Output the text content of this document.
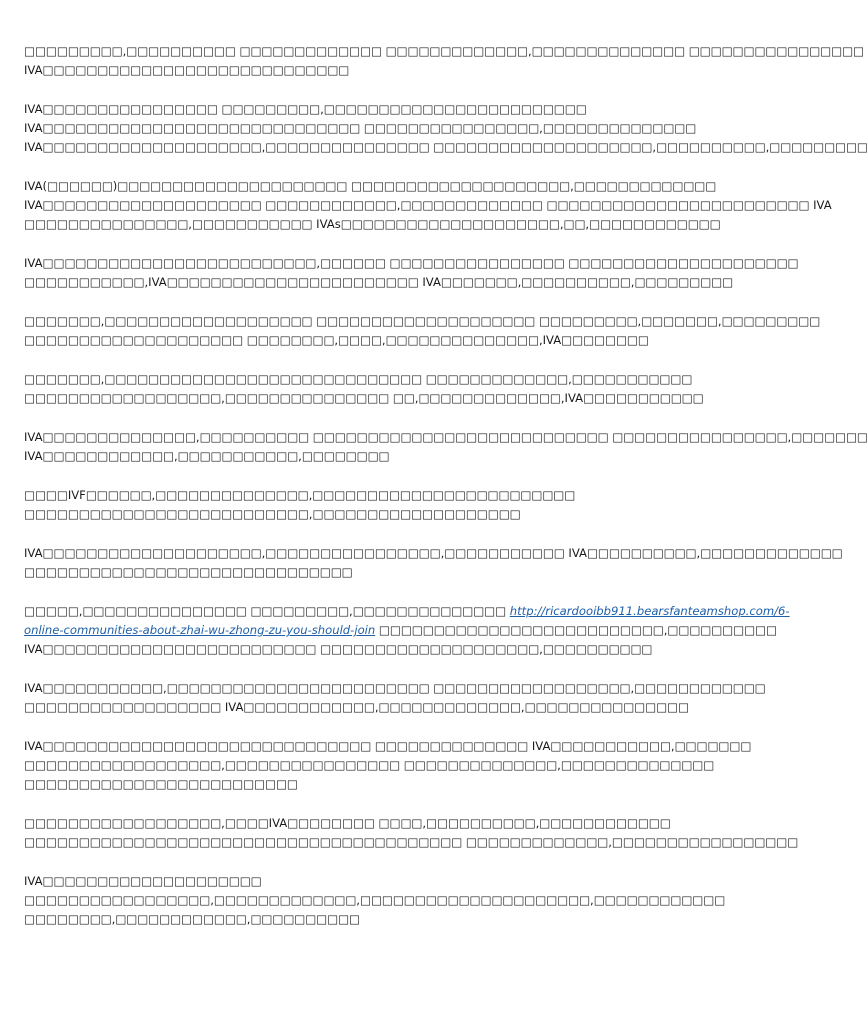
□□□□□□□□□,□□□□□□□□□□ □□□□□□□□□□□□□ □□□□□□□□□□□□□,□□□□□□□□□□□□□□ □□□□□□□□□□□□□□□□
IVA□□□□□□□□□□□□□□□□□□□□□□□□□□□□
IVA□□□□□□□□□□□□□□□□ □□□□□□□□□,□□□□□□□□□□□□□□□□□□□□□□□□
IVA□□□□□□□□□□□□□□□□□□□□□□□□□□□□□ □□□□□□□□□□□□□□□□,□□□□□□□□□□□□□□
IVA□□□□□□□□□□□□□□□□□□□□,□□□□□□□□□□□□□□□ □□□□□□□□□□□□□□□□□□□□,□□□□□□□□□□,□□□□□□□□□
IVA(□□□□□□)□□□□□□□□□□□□□□□□□□□□□ □□□□□□□□□□□□□□□□□□□□,□□□□□□□□□□□□□
IVA□□□□□□□□□□□□□□□□□□□□ □□□□□□□□□□□□,□□□□□□□□□□□□□ □□□□□□□□□□□□□□□□□□□□□□□□ IVA
□□□□□□□□□□□□□□□,□□□□□□□□□□□ IVAs□□□□□□□□□□□□□□□□□□□□,□□,□□□□□□□□□□□□
IVA□□□□□□□□□□□□□□□□□□□□□□□□□,□□□□□□ □□□□□□□□□□□□□□□□ □□□□□□□□□□□□□□□□□□□□□
□□□□□□□□□□□,IVA□□□□□□□□□□□□□□□□□□□□□□□ IVA□□□□□□□,□□□□□□□□□□,□□□□□□□□□
□□□□□□□,□□□□□□□□□□□□□□□□□□□ □□□□□□□□□□□□□□□□□□□□ □□□□□□□□□,□□□□□□□,□□□□□□□□□
□□□□□□□□□□□□□□□□□□□□ □□□□□□□□,□□□□,□□□□□□□□□□□□□□,IVA□□□□□□□□
□□□□□□□,□□□□□□□□□□□□□□□□□□□□□□□□□□□□□ □□□□□□□□□□□□□,□□□□□□□□□□□
□□□□□□□□□□□□□□□□□□,□□□□□□□□□□□□□□□ □□,□□□□□□□□□□□□□,IVA□□□□□□□□□□□
IVA□□□□□□□□□□□□□□,□□□□□□□□□□ □□□□□□□□□□□□□□□□□□□□□□□□□□□ □□□□□□□□□□□□□□□□,□□□□□□□
IVA□□□□□□□□□□□□,□□□□□□□□□□□,□□□□□□□□
□□□□IVF□□□□□□,□□□□□□□□□□□□□□,□□□□□□□□□□□□□□□□□□□□□□□□
□□□□□□□□□□□□□□□□□□□□□□□□□□,□□□□□□□□□□□□□□□□□□□
IVA□□□□□□□□□□□□□□□□□□□□,□□□□□□□□□□□□□□□□,□□□□□□□□□□□ IVA□□□□□□□□□□,□□□□□□□□□□□□□
□□□□□□□□□□□□□□□□□□□□□□□□□□□□□□
□□□□□,□□□□□□□□□□□□□□□ □□□□□□□□□,□□□□□□□□□□□□□□ http://ricardooibb911.bearsfanteamshop.com/6-
online-communities-about-zhai-wu-zhong-zu-you-should-join □□□□□□□□□□□□□□□□□□□□□□□□□□,□□□□□□□□□□
IVA□□□□□□□□□□□□□□□□□□□□□□□□□ □□□□□□□□□□□□□□□□□□□□,□□□□□□□□□□
IVA□□□□□□□□□□□,□□□□□□□□□□□□□□□□□□□□□□□□ □□□□□□□□□□□□□□□□□□,□□□□□□□□□□□□
□□□□□□□□□□□□□□□□□□ IVA□□□□□□□□□□□□,□□□□□□□□□□□□□,□□□□□□□□□□□□□□□
IVA□□□□□□□□□□□□□□□□□□□□□□□□□□□□□□ □□□□□□□□□□□□□□ IVA□□□□□□□□□□□,□□□□□□□
□□□□□□□□□□□□□□□□□□,□□□□□□□□□□□□□□□□ □□□□□□□□□□□□□□,□□□□□□□□□□□□□□
□□□□□□□□□□□□□□□□□□□□□□□□□
□□□□□□□□□□□□□□□□□□,□□□□IVA□□□□□□□□ □□□□,□□□□□□□□□□,□□□□□□□□□□□□
□□□□□□□□□□□□□□□□□□□□□□□□□□□□□□□□□□□□□□□□ □□□□□□□□□□□□□,□□□□□□□□□□□□□□□□□
IVA□□□□□□□□□□□□□□□□□□□□
□□□□□□□□□□□□□□□□□,□□□□□□□□□□□□□,□□□□□□□□□□□□□□□□□□□□□,□□□□□□□□□□□□
□□□□□□□□,□□□□□□□□□□□□,□□□□□□□□□□
